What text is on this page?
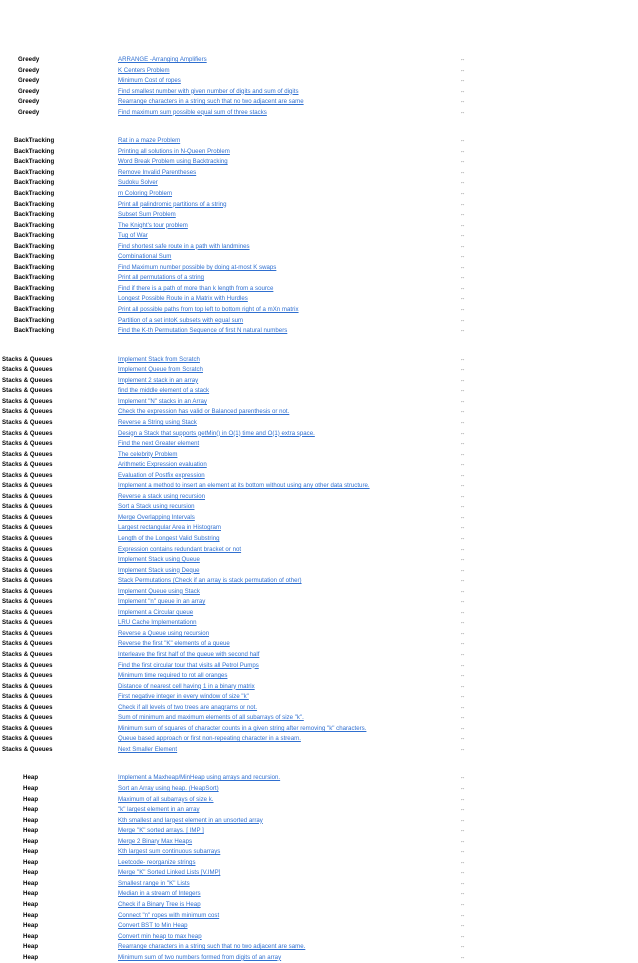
Greedy	ARRANGE -Arranging Amplifiers	↔
Greedy	K Centers Problem	↔
Greedy	Minimum Cost of ropes	↔
Greedy	Find smallest number with given number of digits and sum of digits	↔
Greedy	Rearrange characters in a string such that no two adjacent are same	↔
Greedy	Find maximum sum possible equal sum of three stacks	↔
BackTracking	Rat in a maze Problem	↔
BackTracking	Printing all solutions in N-Queen Problem	↔
BackTracking	Word Break Problem using Backtracking	↔
BackTracking	Remove Invalid Parentheses	↔
BackTracking	Sudoku Solver	↔
BackTracking	m Coloring Problem	↔
BackTracking	Print all palindromic partitions of a string	↔
BackTracking	Subset Sum Problem	↔
BackTracking	The Knight's tour problem	↔
BackTracking	Tug of War	↔
BackTracking	Find shortest safe route in a path with landmines	↔
BackTracking	Combinational Sum	↔
BackTracking	Find Maximum number possible by doing at-most K swaps	↔
BackTracking	Print all permutations of a string	↔
BackTracking	Find if there is a path of more than k length from a source	↔
BackTracking	Longest Possible Route in a Matrix with Hurdles	↔
BackTracking	Print all possible paths from top left to bottom right of a mXn matrix	↔
BackTracking	Partition of a set intoK subsets with equal sum	↔
BackTracking	Find the K-th Permutation Sequence of first N natural numbers	↔
Stacks & Queues	Implement Stack from Scratch	↔
Stacks & Queues	Implement Queue from Scratch	↔
Stacks & Queues	Implement 2 stack in an array	↔
Stacks & Queues	find the middle element of a stack	↔
Stacks & Queues	Implement "N" stacks in an Array	↔
Stacks & Queues	Check the expression has valid or Balanced parenthesis or not.	↔
Stacks & Queues	Reverse a String using Stack	↔
Stacks & Queues	Design a Stack that supports getMin() in O(1) time and O(1) extra space.	↔
Stacks & Queues	Find the next Greater element	↔
Stacks & Queues	The celebrity Problem	↔
Stacks & Queues	Arithmetic Expression evaluation	↔
Stacks & Queues	Evaluation of Postfix expression	↔
Stacks & Queues	Implement a method to insert an element at its bottom without using any other data structure.	↔
Stacks & Queues	Reverse a stack using recursion	↔
Stacks & Queues	Sort a Stack using recursion	↔
Stacks & Queues	Merge Overlapping Intervals	↔
Stacks & Queues	Largest rectangular Area in Histogram	↔
Stacks & Queues	Length of the Longest Valid Substring	↔
Stacks & Queues	Expression contains redundant bracket or not	↔
Stacks & Queues	Implement Stack using Queue	↔
Stacks & Queues	Implement Stack using Deque	↔
Stacks & Queues	Stack Permutations (Check if an array is stack permutation of other)	↔
Stacks & Queues	Implement Queue using Stack	↔
Stacks & Queues	Implement "n" queue in an array	↔
Stacks & Queues	Implement a Circular queue	↔
Stacks & Queues	LRU Cache Implementationn	↔
Stacks & Queues	Reverse a Queue using recursion	↔
Stacks & Queues	Reverse the first "K" elements of a queue	↔
Stacks & Queues	Interleave the first half of the queue with second half	↔
Stacks & Queues	Find the first circular tour that visits all Petrol Pumps	↔
Stacks & Queues	Minimum time required to rot all oranges	↔
Stacks & Queues	Distance of nearest cell having 1 in a binary matrix	↔
Stacks & Queues	First negative integer in every window of size "k"	↔
Stacks & Queues	Check if all levels of two trees are anagrams or not.	↔
Stacks & Queues	Sum of minimum and maximum elements of all subarrays of size "k".	↔
Stacks & Queues	Minimum sum of squares of character counts in a given string after removing "k" characters.	↔
Stacks & Queues	Queue based approach or first non-repeating character in a stream.	↔
Stacks & Queues	Next Smaller Element	↔
Heap	Implement a Maxheap/MinHeap using arrays and recursion.	↔
Heap	Sort an Array using heap. (HeapSort)	↔
Heap	Maximum of all subarrays of size k.	↔
Heap	"k" largest element in an array	↔
Heap	Kth smallest and largest element in an unsorted array	↔
Heap	Merge "K" sorted arrays. [ IMP ]	↔
Heap	Merge 2 Binary Max Heaps	↔
Heap	Kth largest sum continuous subarrays	↔
Heap	Leetcode- reorganize strings	↔
Heap	Merge "K" Sorted Linked Lists [V.IMP]	↔
Heap	Smallest range in "K" Lists	↔
Heap	Median in a stream of Integers	↔
Heap	Check if a Binary Tree is Heap	↔
Heap	Connect "n" ropes with minimum cost	↔
Heap	Convert BST to Min Heap	↔
Heap	Convert min heap to max heap	↔
Heap	Rearrange characters in a string such that no two adjacent are same.	↔
Heap	Minimum sum of two numbers formed from digits of an array	↔
